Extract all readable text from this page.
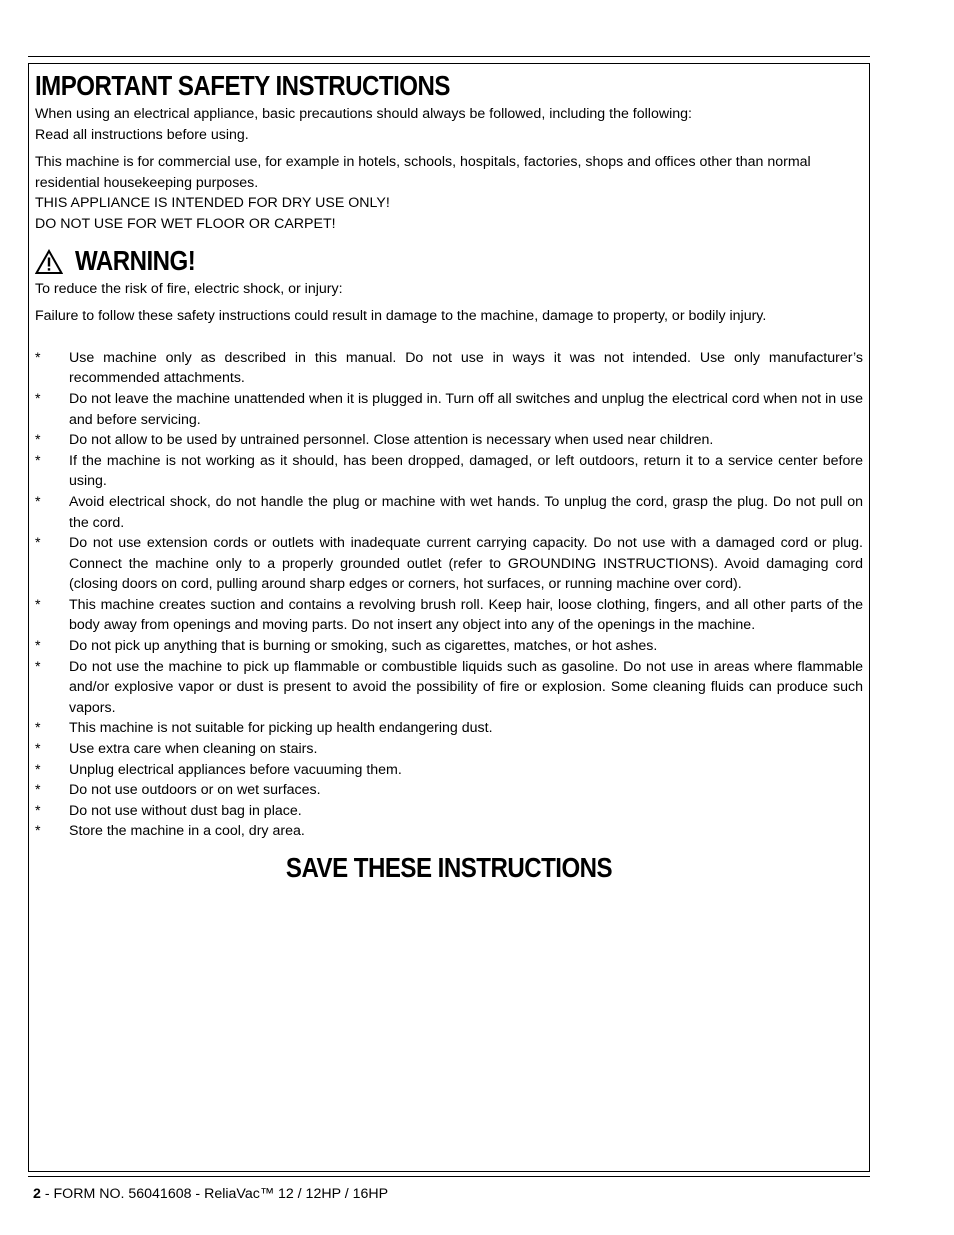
IMPORTANT SAFETY INSTRUCTIONS

When using an electrical appliance, basic precautions should always be followed, including the following:

Read all instructions before using.

This machine is for commercial use, for example in hotels, schools, hospitals, factories, shops and offices other than normal residential housekeeping purposes.

THIS APPLIANCE IS INTENDED FOR DRY USE ONLY!

DO NOT USE FOR WET FLOOR OR CARPET!

WARNING!

To reduce the risk of fire, electric shock, or injury:

Failure to follow these safety instructions could result in damage to the machine, damage to property, or bodily injury.

*	Use machine only as described in this manual. Do not use in ways it was not intended. Use only manufacturer’s recommended attachments.
*	Do not leave the machine unattended when it is plugged in. Turn off all switches and unplug the electrical cord when not in use and before servicing.
*	Do not allow to be used by untrained personnel. Close attention is necessary when used near children.
*	If the machine is not working as it should, has been dropped, damaged, or left outdoors, return it to a service center before using.
*	Avoid electrical shock, do not handle the plug or machine with wet hands. To unplug the cord, grasp the plug. Do not pull on the cord.
*	Do not use extension cords or outlets with inadequate current carrying capacity. Do not use with a damaged cord or plug. Connect the machine only to a properly grounded outlet (refer to GROUNDING INSTRUCTIONS). Avoid damaging cord (closing doors on cord, pulling around sharp edges or corners, hot surfaces, or running machine over cord).
*	This machine creates suction and contains a revolving brush roll. Keep hair, loose clothing, fingers, and all other parts of the body away from openings and moving parts. Do not insert any object into any of the openings in the machine.
*	Do not pick up anything that is burning or smoking, such as cigarettes, matches, or hot ashes.
*	Do not use the machine to pick up flammable or combustible liquids such as gasoline. Do not use in areas where flammable and/or explosive vapor or dust is present to avoid the possibility of fire or explosion. Some cleaning fluids can produce such vapors.
*	This machine is not suitable for picking up health endangering dust.
*	Use extra care when cleaning on stairs.
*	Unplug electrical appliances before vacuuming them.
*	Do not use outdoors or on wet surfaces.
*	Do not use without dust bag in place.
*	Store the machine in a cool, dry area.
SAVE THESE INSTRUCTIONS
2 - FORM NO. 56041608 - ReliaVac™ 12 / 12HP / 16HP
